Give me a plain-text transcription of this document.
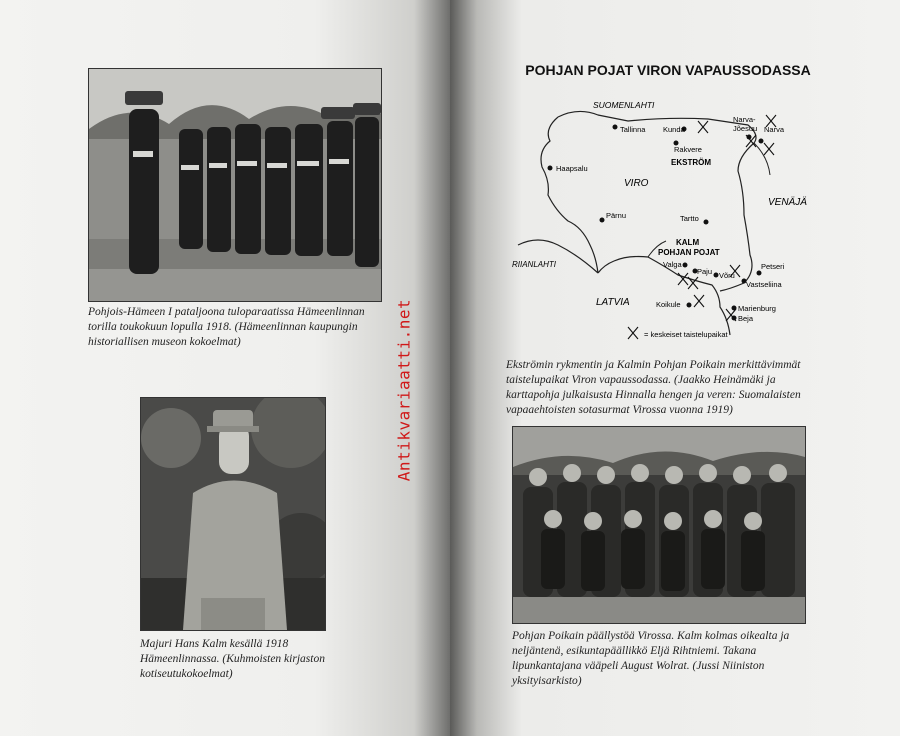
Pohjois-Hämeen I pataljoona tuloparaatissa Hämeenlinnan torilla toukokuun lopulla 1918. (Hämeenlinnan kaupungin historiallisen museon kokoelmat)
Majuri Hans Kalm kesällä 1918 Hämeenlinnassa. (Kuhmoisten kirjaston kotiseutukokoelmat)
Antikvariaatti.net
POHJAN POJAT VIRON VAPAUSSODASSA
SUOMENLAHTI
RIIANLAHTI
VIRO
VENÄJÄ
LATVIA
EKSTRÖM
KALM
POHJAN POJAT
Tallinna Kunda
Rakvere
Narva-
Jõesuu Narva
Haapsalu
Pärnu	Tartto
Petseri
Valga
Paju Võru
Vastseliina
Koikule	Marienburg
Beja
= keskeiset taistelupaikat
Ekströmin rykmentin ja Kalmin Pohjan Poikain merkittävimmät taistelupaikat Viron vapaussodassa. (Jaakko Heinämäki ja karttapohja julkaisusta Hinnalla hengen ja veren: Suomalaisten vapaaehtoisten sotasurmat Virossa vuonna 1919)
Pohjan Poikain päällystöä Virossa. Kalm kolmas oikealta ja neljäntenä, esikuntapäällikkö Eljä Rihtniemi. Takana lipunkantajana vääpeli August Wolrat. (Jussi Niiniston yksityisarkisto)
